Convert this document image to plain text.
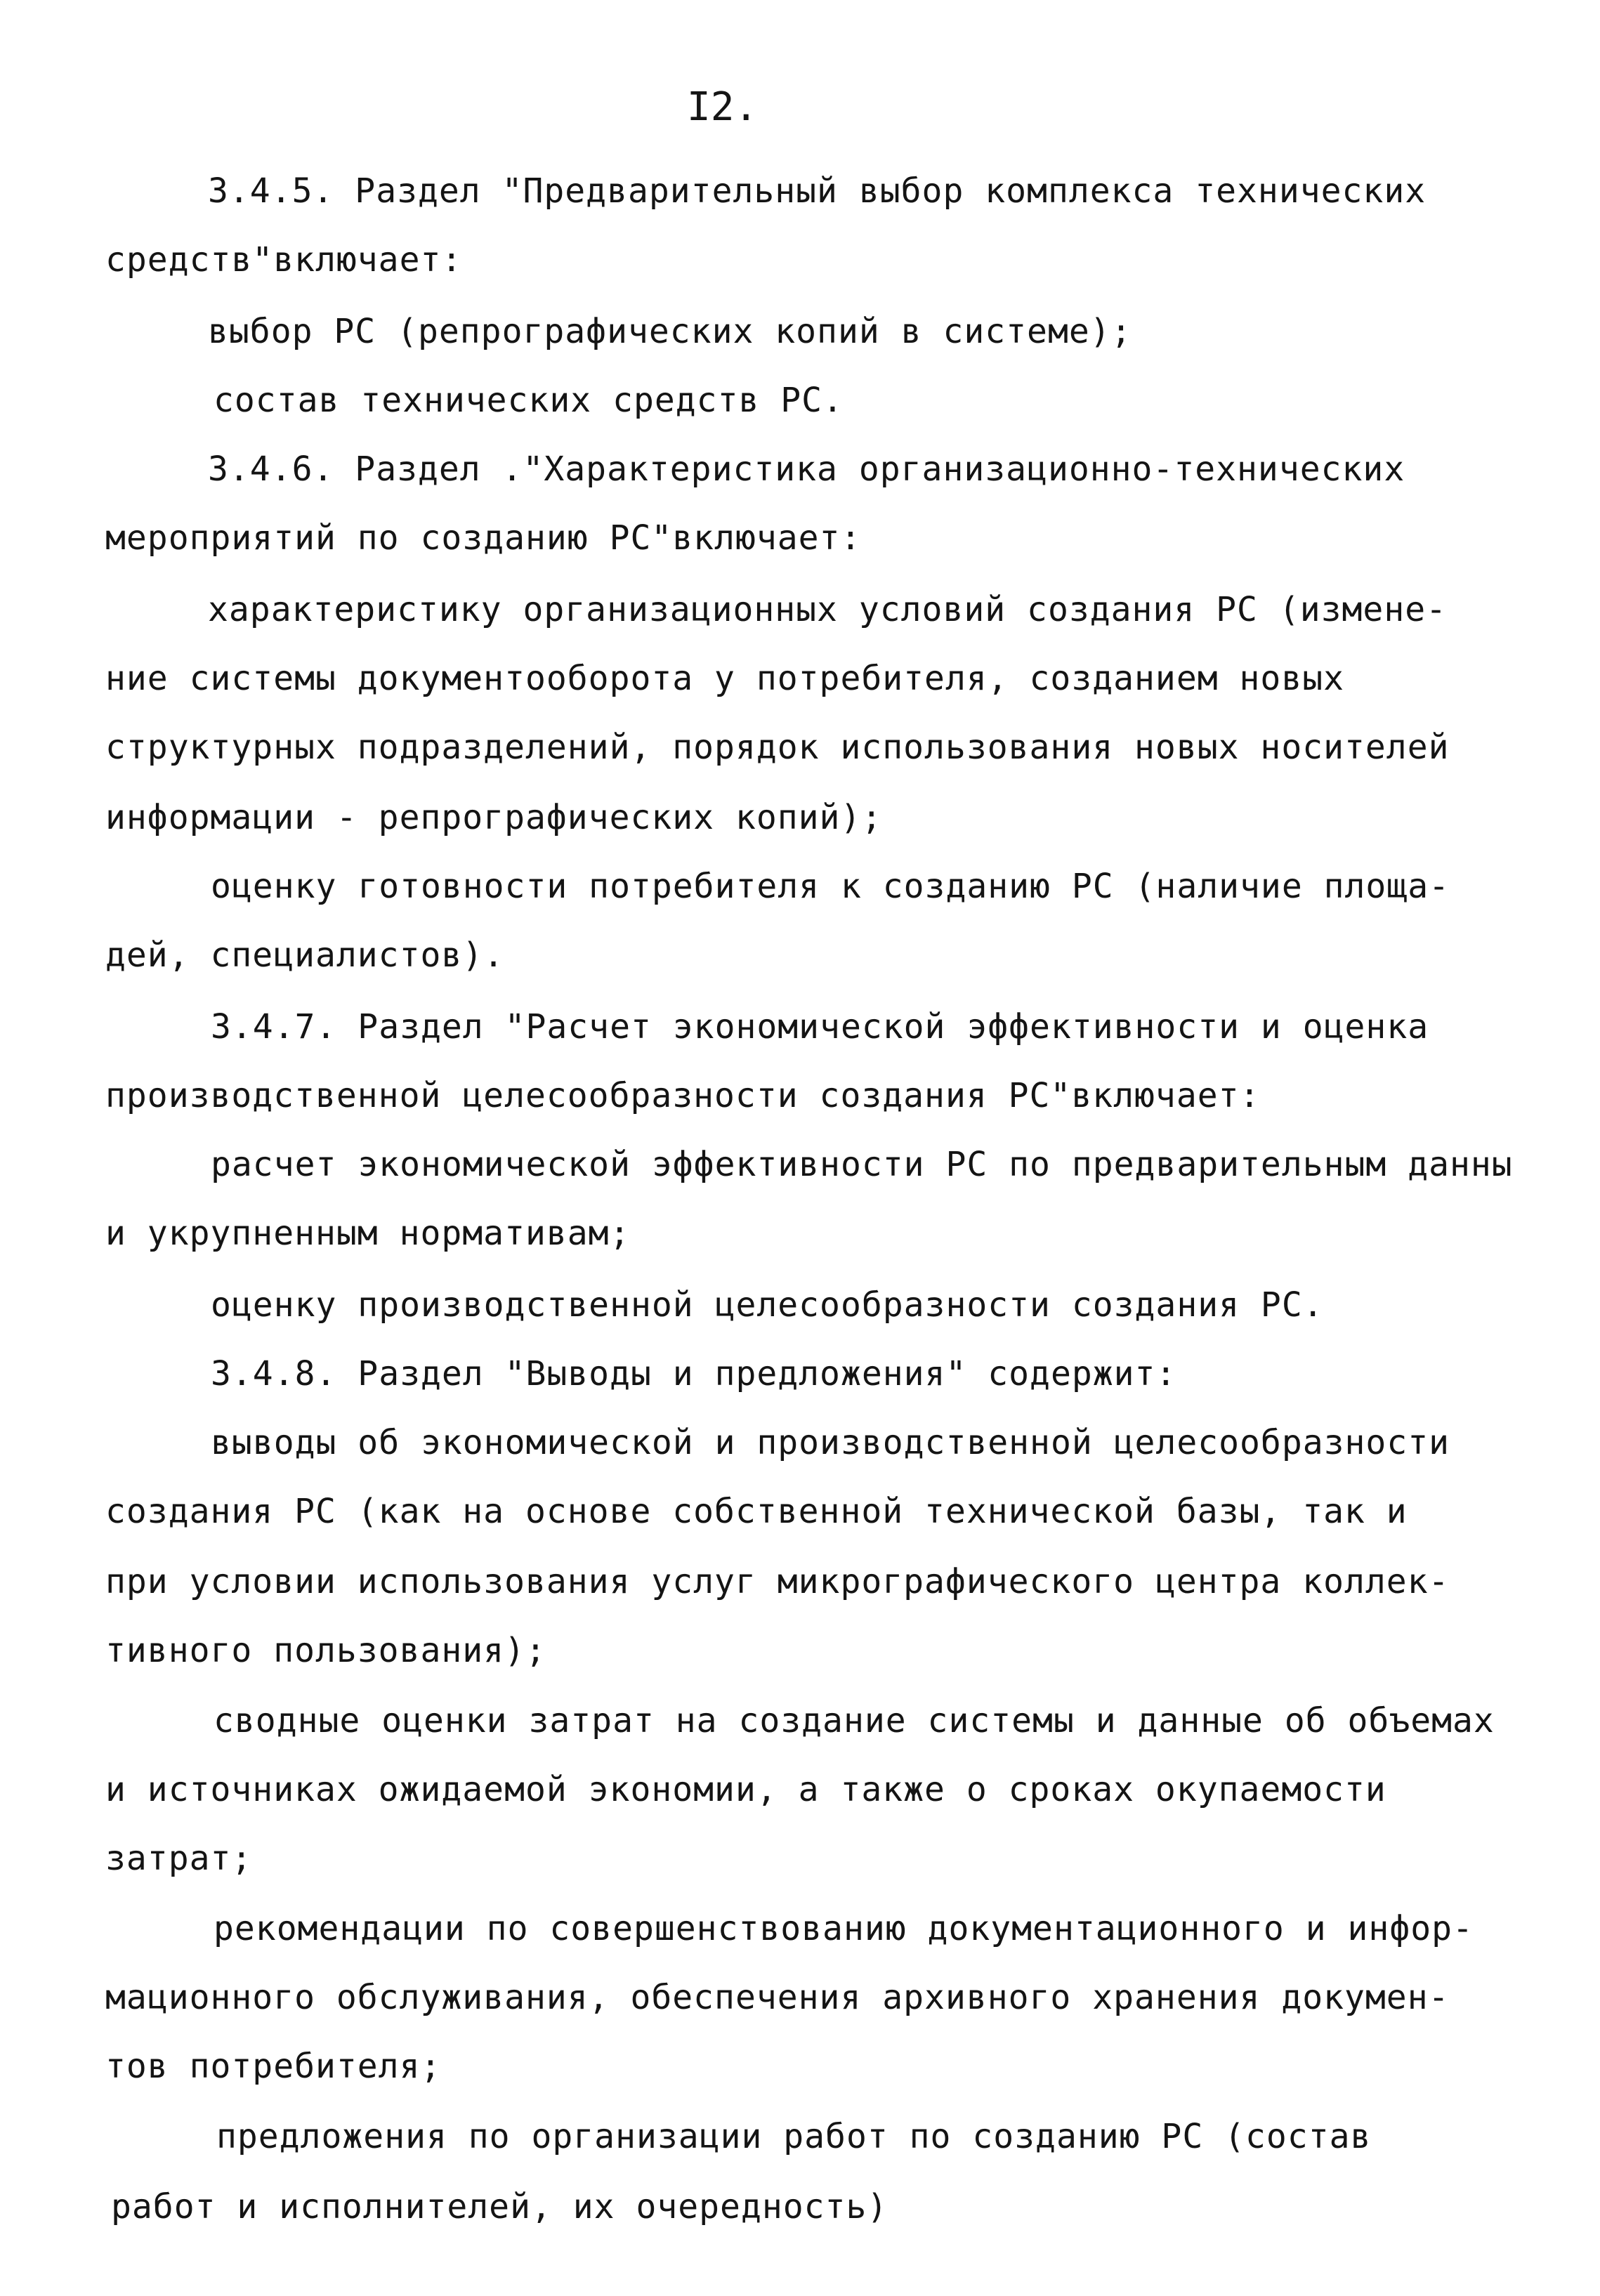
I2.
3.4.5. Раздел "Предварительный выбор комплекса технических
средств"включает:
выбор РС (репрографических копий в системе);
состав технических средств РС.
3.4.6. Раздел ."Характеристика организационно-технических
мероприятий по созданию РС"включает:
характеристику организационных условий создания РС (измене-
ние системы документооборота у потребителя, созданием новых
структурных подразделений, порядок использования новых носителей
информации - репрографических копий);
оценку готовности потребителя к созданию РС (наличие площа-
дей, специалистов).
3.4.7. Раздел "Расчет экономической эффективности и оценка
производственной целесообразности создания РС"включает:
расчет экономической эффективности РС по предварительным данны
и укрупненным нормативам;
оценку производственной целесообразности создания РС.
3.4.8. Раздел "Выводы и предложения" содержит:
выводы об экономической и производственной целесообразности
создания РС (как на основе собственной технической базы, так и
при условии использования услуг микрографического центра коллек-
тивного пользования);
сводные оценки затрат на создание системы и данные об объемах
и источниках ожидаемой экономии, а также о сроках окупаемости
затрат;
рекомендации по совершенствованию документационного и инфор-
мационного обслуживания, обеспечения архивного хранения докумен-
тов потребителя;
предложения по организации работ по созданию РС (состав
работ и исполнителей, их очередность)
